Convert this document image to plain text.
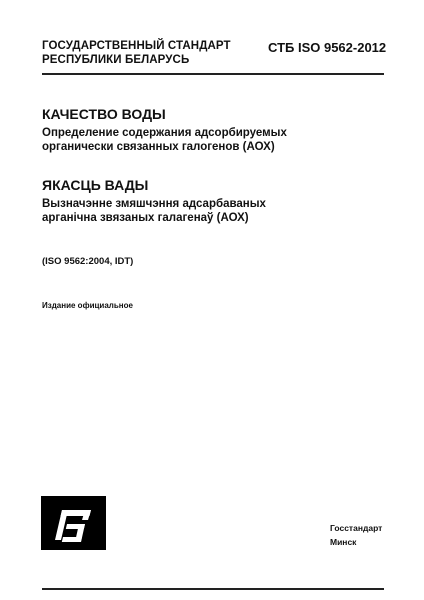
ГОСУДАРСТВЕННЫЙ СТАНДАРТ
РЕСПУБЛИКИ БЕЛАРУСЬ
СТБ ISO 9562-2012
КАЧЕСТВО ВОДЫ
Определение содержания адсорбируемых
органически связанных галогенов (АОХ)
ЯКАСЦЬ ВАДЫ
Вызначэнне змяшчэння адсарбаваных
арганічна звязаных галагенаў (АОХ)
(ISO 9562:2004, IDT)
Издание официальное
Госстандарт
Минск
